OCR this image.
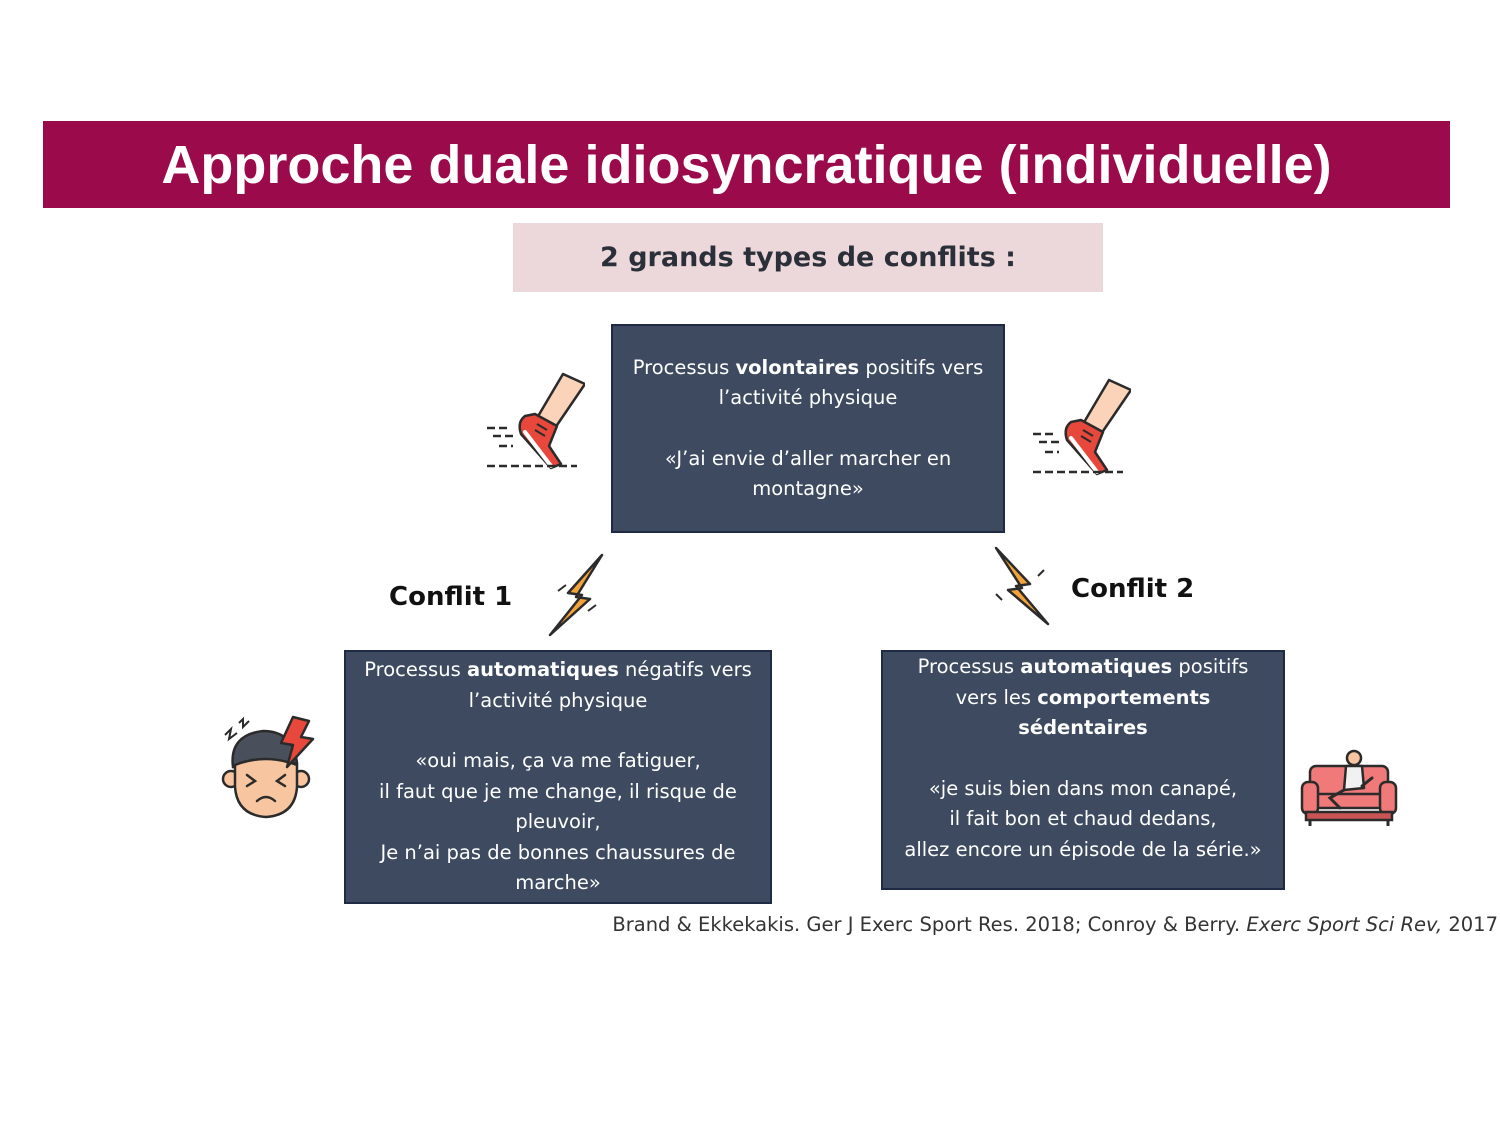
Approche duale idiosyncratique (individuelle)
2 grands types de conflits :

Processus volontaires positifs vers

l’activité physique

«J’ai envie d’aller marcher en

montagne»

Processus automatiques négatifs vers

l’activité physique

«oui mais, ça va me fatiguer,

il faut que je me change, il risque de

pleuvoir,

Je n’ai pas de bonnes chaussures de

marche»

Processus automatiques positifs

vers les comportements

sédentaires

«je suis bien dans mon canapé,

il fait bon et chaud dedans,

allez encore un épisode de la série.»

Conflit 1	Conflit 2
Brand & Ekkekakis. Ger J Exerc Sport Res. 2018; Conroy & Berry. Exerc Sport Sci Rev, 2017
